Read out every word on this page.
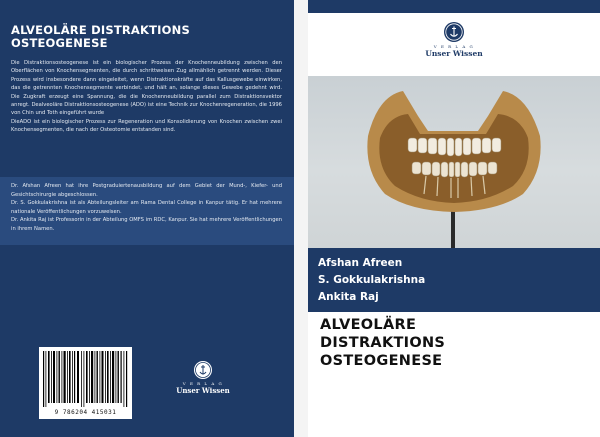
ALVEOLÄRE DISTRAKTIONS
OSTEOGENESE

Die Distraktionsosteogenese ist ein biologischer Prozess der Knochenneubildung zwischen den Oberflächen von Knochensegmenten, die durch schrittweisen Zug allmählich getrennt werden. Dieser Prozess wird insbesondere dann eingeleitet, wenn Distraktionskräfte auf das Kallusgewebe einwirken, das die getrennten Knochensegmente verbindet, und hält an, solange dieses Gewebe gedehnt wird. Die Zugkraft erzeugt eine Spannung, die die Knochenneubildung parallel zum Distraktionsvektor anregt. Dealveoläre Distraktionsosteogenese (ADO) ist eine Technik zur Knochenregeneration, die 1996 von Chin und Toth eingeführt wurde

DieADO ist ein biologischer Prozess zur Regeneration und Konsolidierung von Knochen zwischen zwei Knochensegmenten, die nach der Osteotomie entstanden sind.

Dr. Afshan Afreen hat ihre Postgraduiertenausbildung auf dem Gebiet der Mund-, Kiefer- und Gesichtschirurgie abgeschlossen.

Dr. S. Gokkulakrishna ist als Abteilungsleiter am Rama Dental College in Kanpur tätig. Er hat mehrere nationale Veröffentlichungen vorzuweisen.

Dr. Ankita Raj ist Professorin in der Abteilung OMFS im RDC, Kanpur. Sie hat mehrere Veröffentlichungen in ihrem Namen.

9 786204 415031
V E R L A G
Unser Wissen
V E R L A G
Unser Wissen
Afshan Afreen
S. Gokkulakrishna
Ankita Raj
ALVEOLÄRE
DISTRAKTIONS
OSTEOGENESE
